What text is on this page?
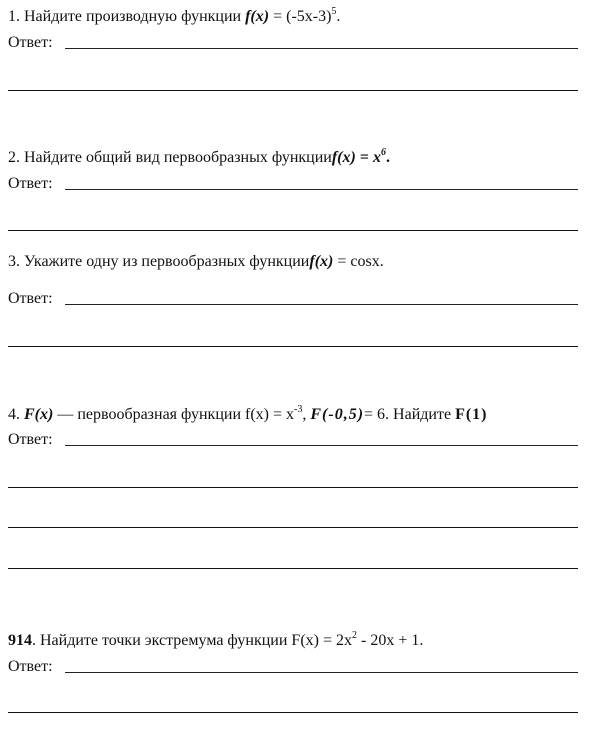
1. Найдите производную функции $f(x) = (-5x-3)^5$.
Ответ:
2. Найдите общий вид первообразных функцииf(x) = $x^6$.
Ответ:
3. Укажите одну из первообразных функцииf(x) = cosx.
Ответ:
4. F(x) — первообразная функции $f(x) = x^{-3}$, F(-0,5)= 6. Найдите F(1)
Ответ:
914. Найдите точки экстремума функции $F(x) = 2x^2 - 20x + 1$.
Ответ:
